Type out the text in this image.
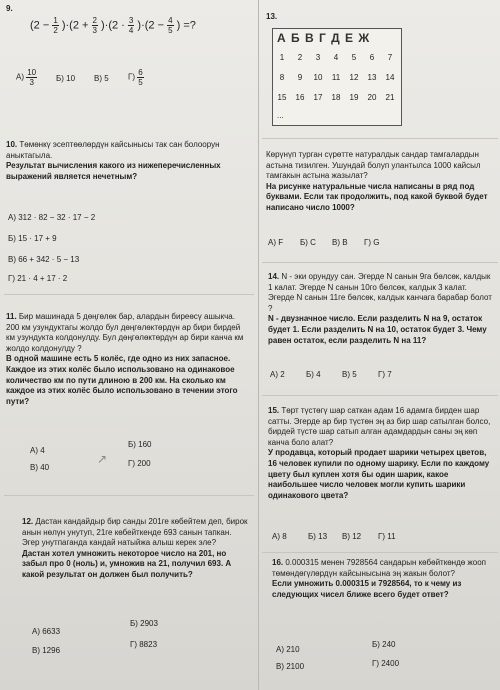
9.
$(2 - \frac{1}{2} )\cdot(2 + \frac{2}{3} )\cdot(2 \cdot \frac{3}{4} )\cdot(2 - \frac{4}{5}$ ) =?
$А) \frac{10}{3} Б$) 10 В) 5 $Г) \frac{6}{5}$
10. Төмөнкү эсептөөлөрдүн кайсынысы так сан болоорун аныктагыла.
Результат вычисления какого из нижеперечисленных выражений является нечетным?
А) 312 · 82 − 32 · 17 − 2
Б) 15 · 17 + 9
В) 66 + 342 · 5 − 13
Г) 21 · 4 + 17 · 2
11. Бир машинада 5 дөңгөлөк бар, алардын биреөсү ашыкча. 200 км узундуктагы жолдо бул дөңгөлөктөрдүн ар бири бирдей км узундукта колдонулду. Бул дөңгөлөктөрдүн ар бири канча км жолдо колдонулду ?
В одной машине есть 5 колёс, где одно из них запасное. Каждое из этих колёс было использовано на одинаковое количество км по пути длиною в 200 км. На сколько км каждое из этих колёс было использовано в течении этого пути?
А) 4
Б) 160
В) 40	Г) 200
↗
12. Дастан кандайдыр бир санды 201ге көбейтем деп, бирок анын нөлүн унутуп, 21ге көбейткенде 693 санын тапкан. Эгер унутпаганда кандай натыйжа алыш керек эле?
Дастан хотел умножить некоторое число на 201, но забыл про 0 (ноль) и, умножив на 21, получил 693. А какой результат он должен был получить?
А) 6633
Б) 2903
В) 1296
Г) 8823
13.
А Б В Г Д Е Ж
1	2	3	4	5	6	7
8	9	10	11	12	13	14
15	16	17	18	19	20	21
...
Көрүнүп турган сүрөтте натуралдык сандар тамгалардын астына тизилген. Ушундай болуп улантылса 1000 кайсыл тамгакын астына жазылат?
На рисунке натуральные числа написаны в ряд под буквами. Если так продолжить, под какой буквой будет написано число 1000?
А) F Б) C В) В Г) G
14. N - эки орундуу сан. Эгерде N санын 9га бөлсөк, калдык 1 калат. Эгерде N санын 10го бөлсөк, калдык 3 калат. Эгерде N санын 11ге бөлсөк, калдык канчага барабар болот ?
N - двузначное число. Если разделить N на 9, остаток будет 1. Если разделить N на 10, остаток будет 3. Чему равен остаток, если разделить N на 11?
А) 2	Б) 4	В) 5	Г) 7
15. Төрт түстөгү шар саткан адам 16 адамга бирден шар сатты. Эгерде ар бир түстөн эң аз бир шар сатылган болсо, бирдей түстө шар сатып алган адамдардын саны эң көп канча боло алат?
У продавца, который продает шарики четырех цветов, 16 человек купили по одному шарику. Если по каждому цвету был куплен хотя бы один шарик, какое наибольшее число человек могли купить шарики одинакового цвета?
А) 8	Б) 13 В) 12 Г) 11
16. 0.000315 менен 7928564 сандарын көбөйткөндө жооп төмөндөгүлөрдүн кайсынысына эң жакын болот?
Если умножить 0.000315 и 7928564, то к чему из следующих чисел ближе всего будет ответ?
А) 210
Б) 240
В) 2100	Г) 2400
